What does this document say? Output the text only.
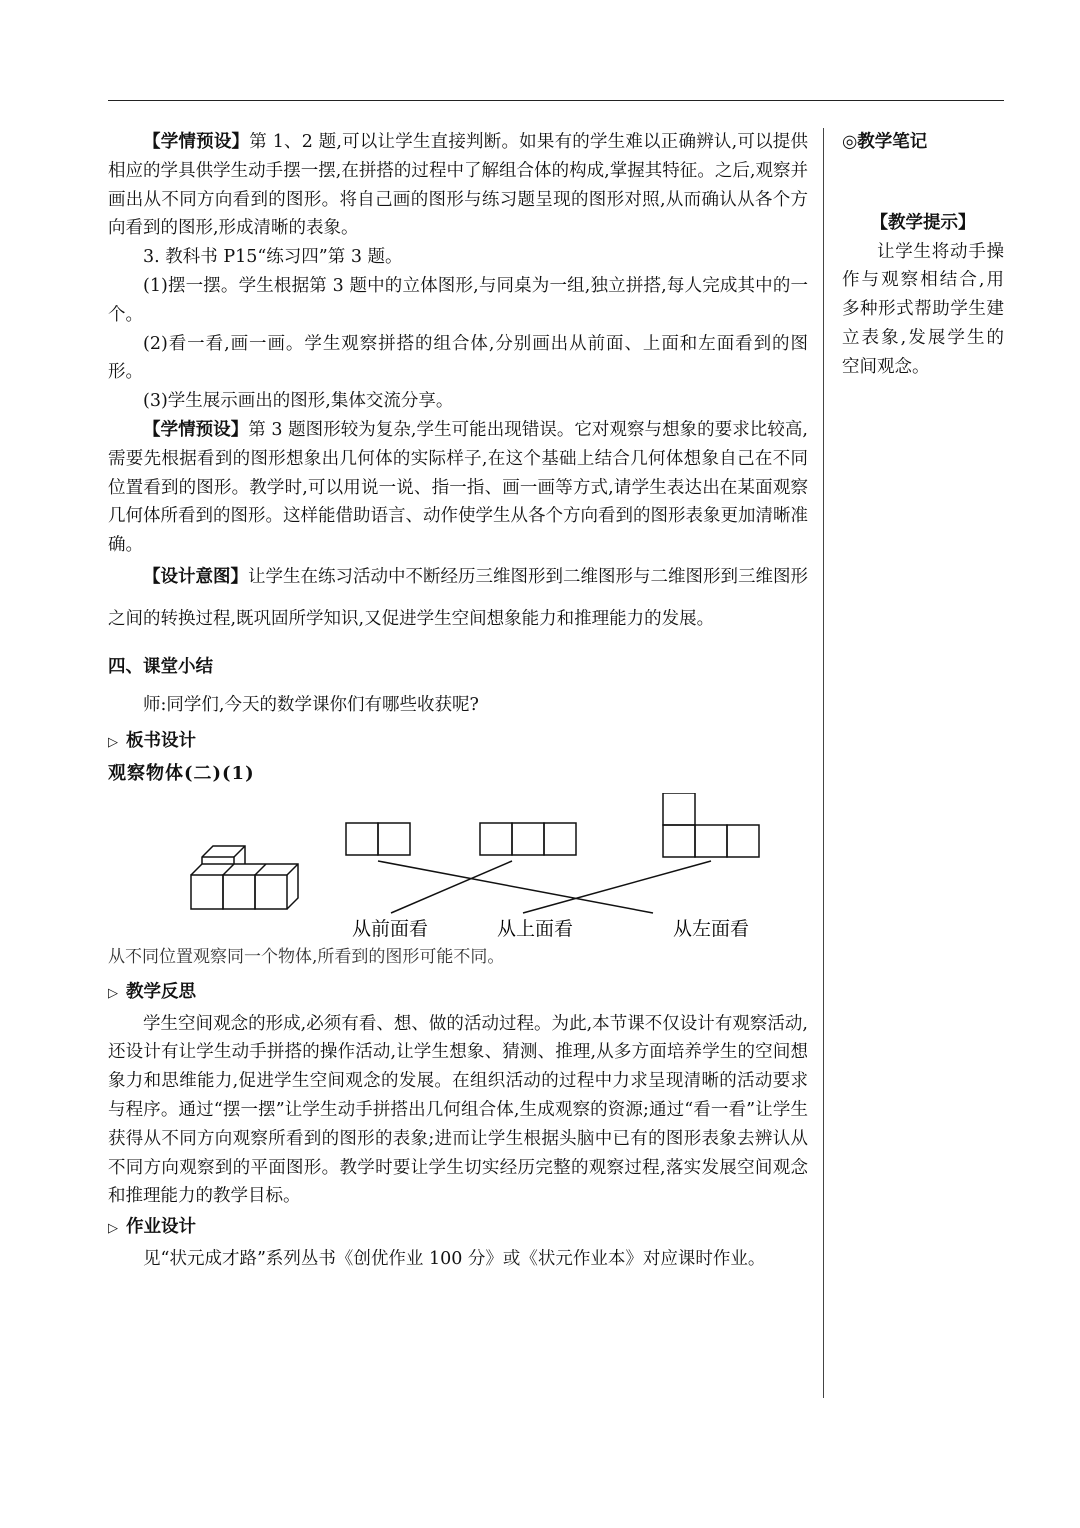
【学情预设】第 1、2 题,可以让学生直接判断。如果有的学生难以正确辨认,可以提供相应的学具供学生动手摆一摆,在拼搭的过程中了解组合体的构成,掌握其特征。之后,观察并画出从不同方向看到的图形。将自己画的图形与练习题呈现的图形对照,从而确认从各个方向看到的图形,形成清晰的表象。

3. 教科书 P15“练习四”第 3 题。

(1)摆一摆。学生根据第 3 题中的立体图形,与同桌为一组,独立拼搭,每人完成其中的一个。

(2)看一看,画一画。学生观察拼搭的组合体,分别画出从前面、上面和左面看到的图形。

(3)学生展示画出的图形,集体交流分享。

【学情预设】第 3 题图形较为复杂,学生可能出现错误。它对观察与想象的要求比较高,需要先根据看到的图形想象出几何体的实际样子,在这个基础上结合几何体想象自己在不同位置看到的图形。教学时,可以用说一说、指一指、画一画等方式,请学生表达出在某面观察几何体所看到的图形。这样能借助语言、动作使学生从各个方向看到的图形表象更加清晰准确。

【设计意图】让学生在练习活动中不断经历三维图形到二维图形与二维图形到三维图形之间的转换过程,既巩固所学知识,又促进学生空间想象能力和推理能力的发展。

四、课堂小结

师:同学们,今天的数学课你们有哪些收获呢?

▷ 板书设计

观察物体(二)(1)

从前面看	从上面看	从左面看

从不同位置观察同一个物体,所看到的图形可能不同。

▷ 教学反思

学生空间观念的形成,必须有看、想、做的活动过程。为此,本节课不仅设计有观察活动,还设计有让学生动手拼搭的操作活动,让学生想象、猜测、推理,从多方面培养学生的空间想象力和思维能力,促进学生空间观念的发展。在组织活动的过程中力求呈现清晰的活动要求与程序。通过“摆一摆”让学生动手拼搭出几何组合体,生成观察的资源;通过“看一看”让学生获得从不同方向观察所看到的图形的表象;进而让学生根据头脑中已有的图形表象去辨认从不同方向观察到的平面图形。教学时要让学生切实经历完整的观察过程,落实发展空间观念和推理能力的教学目标。

▷ 作业设计

见“状元成才路”系列丛书《创优作业 100 分》或《状元作业本》对应课时作业。

◎教学笔记

【教学提示】

让学生将动手操作与观察相结合,用多种形式帮助学生建立表象,发展学生的空间观念。
